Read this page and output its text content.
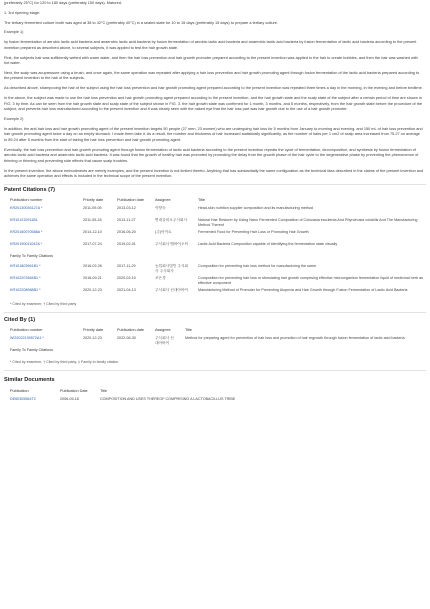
(preferably 25°C) for 120 to 180 days (preferably 150 days). Matured.

1. 3rd ripening stage:

The tertiary fermented culture broth was aged at 38 to 42°C (preferably 40°C) in a sealed state for 10 to 15 days (preferably 15 days) to prepare a tertiary culture.

Example 1)

hy fusion fermentation of aerobic lactic acid bacteria and anaerobic lactic acid bacteria by fusion fermentation of aerobic lactic acid bacteria and anaerobic lactic acid bacteria by fusion fermentation of lactic acid bacteria according to the present invention prepared as described above, to several subjects, it was applied to test the hair growth state.

First, the subjects hair was sufficiently wetted with warm water, and then the hair loss prevention and hair growth promoter prepared according to the present invention was applied to the hair to create bubbles, and then the hair was washed with hot water.

Next, the scalp was acupressure using a brush, and once again, the same operation was repeated after applying a hair loss prevention and hair growth promoting agent through fusion fermentation of the lactic acid bacteria prepared according to the present invention to the hair of the subjects.

As described above, shampooing the hair of the subject using the hair loss prevention and hair growth promoting agent prepared according to the present invention was repeated three times a day in the morning, in the evening and before bedtime.

In the above, the subject was made to use the hair loss prevention and hair growth promoting agent prepared according to the present invention, and the hair growth state and the scalp state of the subject after a certain period of time are shown in FIG. 3 by time. As can be seen from the hair growth state and scalp state of the subject shown in FIG. 3, the hair growth state was confirmed for 1 month, 3 months, and 5 months, respectively, from the hair growth state before the procedure of the subject, and prevents hair loss manufactured according to the present invention and it was clearly seen with the naked eye that the hair loss part was hair growth due to the use of a hair growth promoter.

Example 2)

In addition, the anti-hair loss and hair growth promoting agent of the present invention targets 50 people (27 men, 23 women) who are undergoing hair loss for 5 months from January to morning and evening, and 150 mL of hair loss prevention and hair growth promoting agent twice a day on an empty stomach. I made them take it. As a result, the number and thickness of hair increased statistically significantly, as the number of hairs per 1 cm2 of scalp area increased from 75.27 on average to 89.24 after 5 months from the start of taking the hair loss prevention and hair growth promoting agent.

Eventually, the hair loss prevention and hair growth promoting agent through fusion fermentation of lactic acid bacteria according to the present invention repeats the cycle of fermentation, decomposition, and synthesis by fusion fermentation of aerobic lactic acid bacteria and anaerobic lactic acid bacteria. It was found that the growth of healthy hair was promoted by promoting the delay from the growth phase of the hair cycle to the degenerative phase by preventing the phenomenon of thinning or thinning and preventing side effects that cause scalp troubles.

In the present invention, the above embodiments are merely examples, and the present invention is not limited thereto. Anything that has substantially the same configuration as the technical idea described in the claims of the present invention and achieves the same operation and effects is included in the technical scope of the present invention.

Patent Citations (7)
Publication number	Priority date	Publication date	Assignee	Title
KR20130036127A *	2011-09-05	2013-03-12	이양숙	Head-skin nutrition supplier composition and its manufacturing method
KR101232911B1	2011-05-18	2013-11-27	연대골비오주식회사	Natural Hair Restorer by Using Nano Fermented Composition of Colocasia esculenta And Rhynchosia volubilis And The Manufacturing Method Thereof
KR20160070588A *	2014-12-10	2016-06-20	(주)아이로	Fermented Food for Preventing Hair Loss or Promoting Hair Growth
KR20190011042A *	2017-07-24	2019-02-01	주식회사 엠바이오틱	Lactic Acid Bacteria Composition capable of identifying the fermentation state visually
Family To Family Citations				
KR101803961B1 *	2016-02-26	2017-11-29	농업회사법인 주식회사 주식회사	Composition for preventing hair loss method for manufacturing the same
KR102207684B1 *	2018-09-21	2020-02-10	조은경	Composition for preventing hair loss or stimulating hair growth comprising effective microorganism fermentation liquid of medicinal herb as effective component
KR102208988B1 *	2020-12-23	2021-04-13	주식회사 신대아바이	Manufacturing Method of Promoter for Preventing Alopecia and Hair Growth through Fusion Fermentation of Lactic Acid Bacteria
* Cited by examiner, † Cited by third party
Cited By (1)
Publication number	Priority date	Publication date	Assignee	Title
WO2022139572A1 *	2020-12-23	2022-06-30	주식회사 신대아바이	Method for preparing agent for prevention of hair loss and promotion of hair regrowth through fusion fermentation of lactic acid bacteria
Family To Family Citations				
* Cited by examiner, † Cited by third party, ‡ Family to family citation
Similar Documents
Publication	Publication Date	Title
DE60305564T2	2006-05-18	COMPOSITION AND USES THEREOF COMPRISING A LACTOBACILLUS TRIBE
